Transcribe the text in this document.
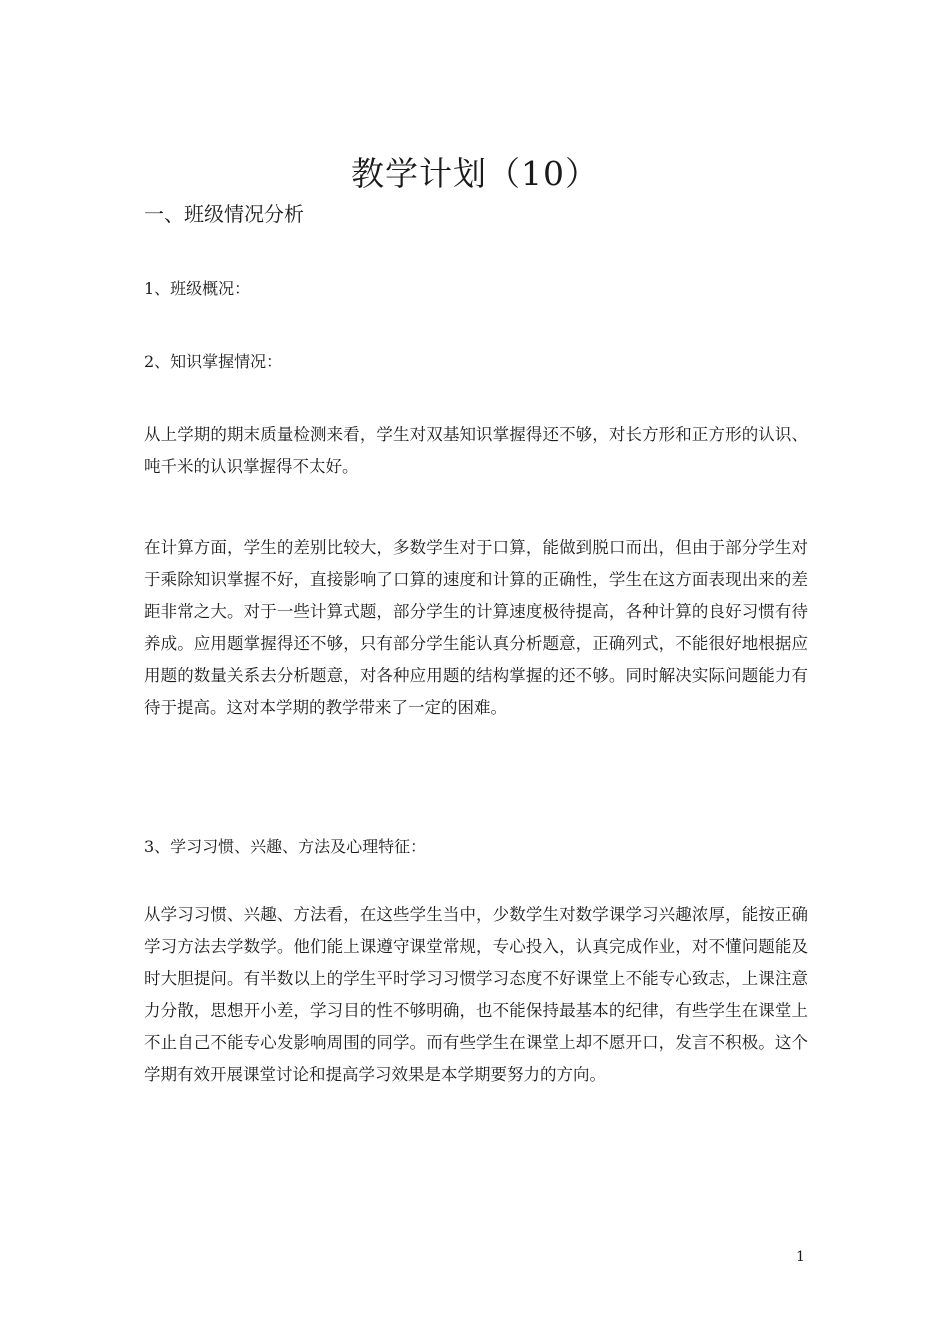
教学计划（10）
一、班级情况分析
1、班级概况：
2、知识掌握情况：

从上学期的期末质量检测来看，学生对双基知识掌握得还不够，对长方形和正方形的认识、吨千米的认识掌握得不太好。

在计算方面，学生的差别比较大，多数学生对于口算，能做到脱口而出，但由于部分学生对于乘除知识掌握不好，直接影响了口算的速度和计算的正确性，学生在这方面表现出来的差距非常之大。对于一些计算式题，部分学生的计算速度极待提高，各种计算的良好习惯有待养成。应用题掌握得还不够，只有部分学生能认真分析题意，正确列式，不能很好地根据应用题的数量关系去分析题意，对各种应用题的结构掌握的还不够。同时解决实际问题能力有待于提高。这对本学期的教学带来了一定的困难。

3、学习习惯、兴趣、方法及心理特征：

从学习习惯、兴趣、方法看，在这些学生当中，少数学生对数学课学习兴趣浓厚，能按正确学习方法去学数学。他们能上课遵守课堂常规，专心投入，认真完成作业，对不懂问题能及时大胆提问。有半数以上的学生平时学习习惯学习态度不好课堂上不能专心致志，上课注意力分散，思想开小差，学习目的性不够明确，也不能保持最基本的纪律，有些学生在课堂上不止自己不能专心发影响周围的同学。而有些学生在课堂上却不愿开口，发言不积极。这个学期有效开展课堂讨论和提高学习效果是本学期要努力的方向。

1
